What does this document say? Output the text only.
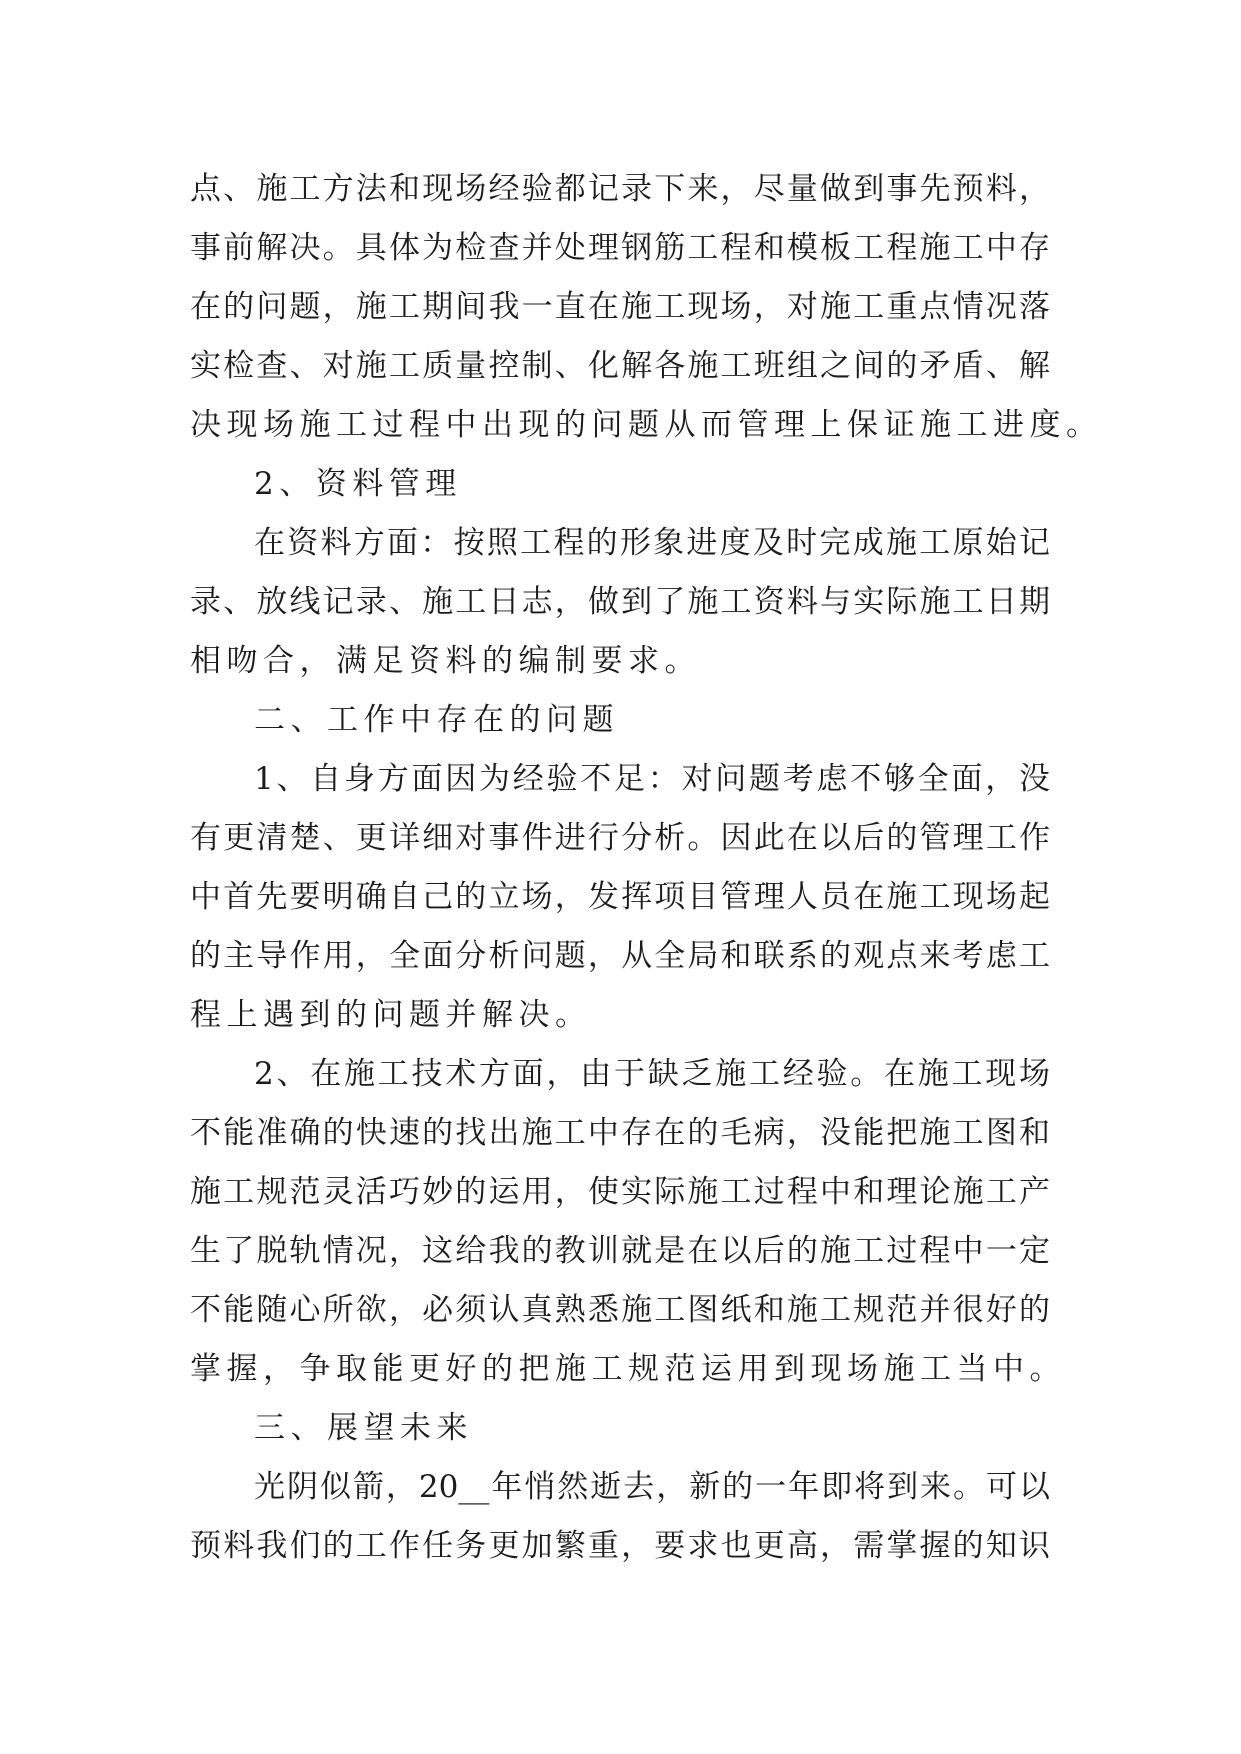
点、施工方法和现场经验都记录下来，尽量做到事先预料，
事前解决。具体为检查并处理钢筋工程和模板工程施工中存
在的问题，施工期间我一直在施工现场，对施工重点情况落
实检查、对施工质量控制、化解各施工班组之间的矛盾、解
决现场施工过程中出现的问题从而管理上保证施工进度。
2、资料管理
在资料方面：按照工程的形象进度及时完成施工原始记
录、放线记录、施工日志，做到了施工资料与实际施工日期
相吻合，满足资料的编制要求。
二、工作中存在的问题
1、自身方面因为经验不足：对问题考虑不够全面，没
有更清楚、更详细对事件进行分析。因此在以后的管理工作
中首先要明确自己的立场，发挥项目管理人员在施工现场起
的主导作用，全面分析问题，从全局和联系的观点来考虑工
程上遇到的问题并解决。
2、在施工技术方面，由于缺乏施工经验。在施工现场
不能准确的快速的找出施工中存在的毛病，没能把施工图和
施工规范灵活巧妙的运用，使实际施工过程中和理论施工产
生了脱轨情况，这给我的教训就是在以后的施工过程中一定
不能随心所欲，必须认真熟悉施工图纸和施工规范并很好的
掌握，争取能更好的把施工规范运用到现场施工当中。
三、展望未来
光阴似箭，20__年悄然逝去，新的一年即将到来。可以
预料我们的工作任务更加繁重，要求也更高，需掌握的知识
